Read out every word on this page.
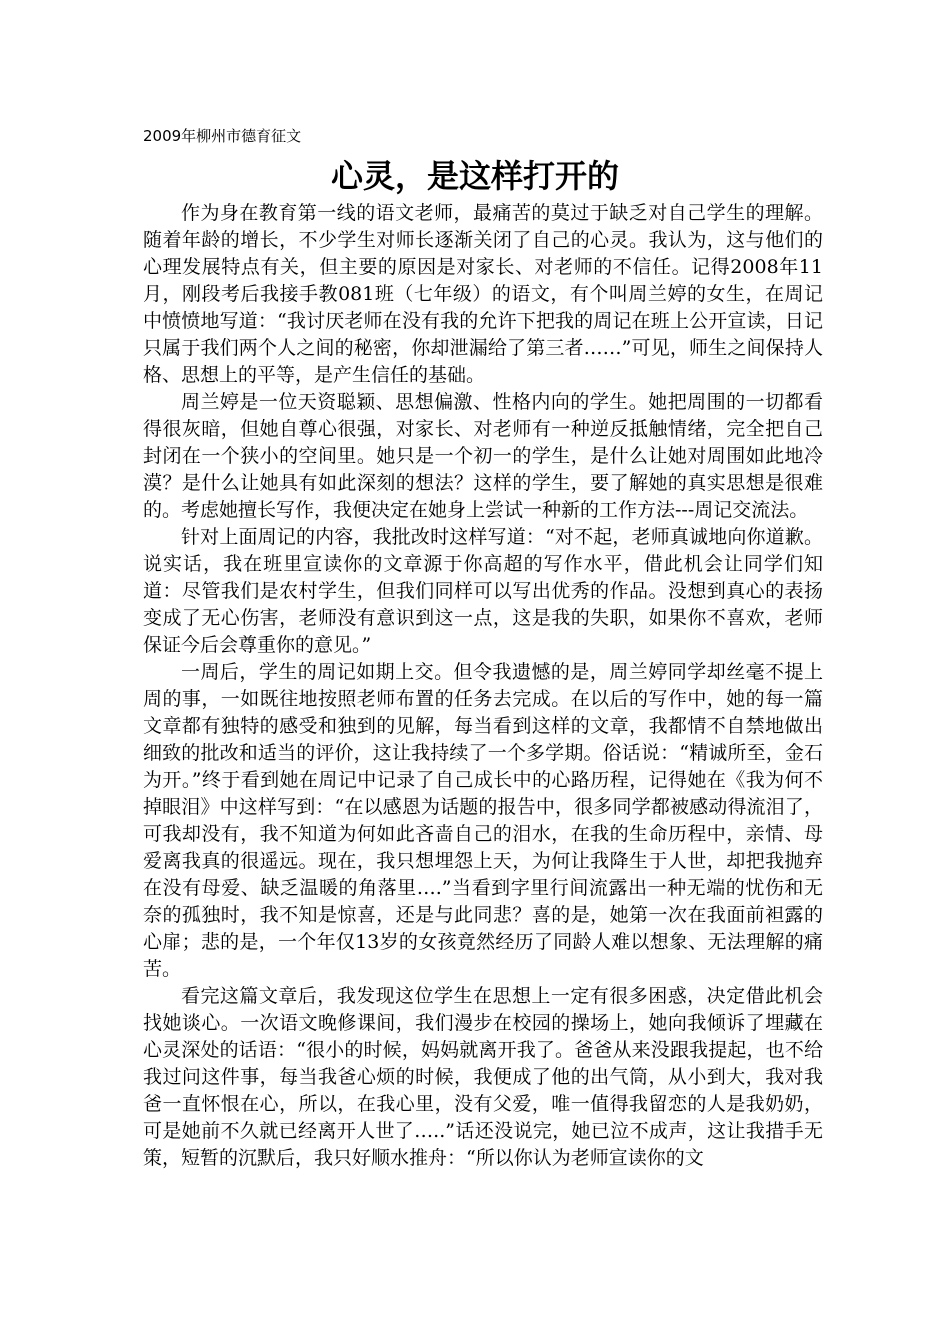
2009年柳州市德育征文
心灵，是这样打开的

作为身在教育第一线的语文老师，最痛苦的莫过于缺乏对自己学生的理解。随着年龄的增长，不少学生对师长逐渐关闭了自己的心灵。我认为，这与他们的心理发展特点有关，但主要的原因是对家长、对老师的不信任。记得2008年11月，刚段考后我接手教081班（七年级）的语文，有个叫周兰婷的女生，在周记中愤愤地写道：“我讨厌老师在没有我的允许下把我的周记在班上公开宣读，日记只属于我们两个人之间的秘密，你却泄漏给了第三者……”可见，师生之间保持人格、思想上的平等，是产生信任的基础。

周兰婷是一位天资聪颖、思想偏激、性格内向的学生。她把周围的一切都看得很灰暗，但她自尊心很强，对家长、对老师有一种逆反抵触情绪，完全把自己封闭在一个狭小的空间里。她只是一个初一的学生，是什么让她对周围如此地冷漠？是什么让她具有如此深刻的想法？这样的学生，要了解她的真实思想是很难的。考虑她擅长写作，我便决定在她身上尝试一种新的工作方法---周记交流法。

针对上面周记的内容，我批改时这样写道：“对不起，老师真诚地向你道歉。说实话，我在班里宣读你的文章源于你高超的写作水平，借此机会让同学们知道：尽管我们是农村学生，但我们同样可以写出优秀的作品。没想到真心的表扬变成了无心伤害，老师没有意识到这一点，这是我的失职，如果你不喜欢，老师保证今后会尊重你的意见。”

一周后，学生的周记如期上交。但令我遗憾的是，周兰婷同学却丝毫不提上周的事，一如既往地按照老师布置的任务去完成。在以后的写作中，她的每一篇文章都有独特的感受和独到的见解，每当看到这样的文章，我都情不自禁地做出细致的批改和适当的评价，这让我持续了一个多学期。俗话说：“精诚所至，金石为开。”终于看到她在周记中记录了自己成长中的心路历程，记得她在《我为何不掉眼泪》中这样写到：“在以感恩为话题的报告中，很多同学都被感动得流泪了，可我却没有，我不知道为何如此吝啬自己的泪水，在我的生命历程中，亲情、母爱离我真的很遥远。现在，我只想埋怨上天，为何让我降生于人世，却把我抛弃在没有母爱、缺乏温暖的角落里….”当看到字里行间流露出一种无端的忧伤和无奈的孤独时，我不知是惊喜，还是与此同悲？喜的是，她第一次在我面前袒露的心扉；悲的是，一个年仅13岁的女孩竟然经历了同龄人难以想象、无法理解的痛苦。

看完这篇文章后，我发现这位学生在思想上一定有很多困惑，决定借此机会找她谈心。一次语文晚修课间，我们漫步在校园的操场上，她向我倾诉了埋藏在心灵深处的话语：“很小的时候，妈妈就离开我了。爸爸从来没跟我提起，也不给我过问这件事，每当我爸心烦的时候，我便成了他的出气筒，从小到大，我对我爸一直怀恨在心，所以，在我心里，没有父爱，唯一值得我留恋的人是我奶奶，可是她前不久就已经离开人世了…..”话还没说完，她已泣不成声，这让我措手无策，短暂的沉默后，我只好顺水推舟：“所以你认为老师宣读你的文
